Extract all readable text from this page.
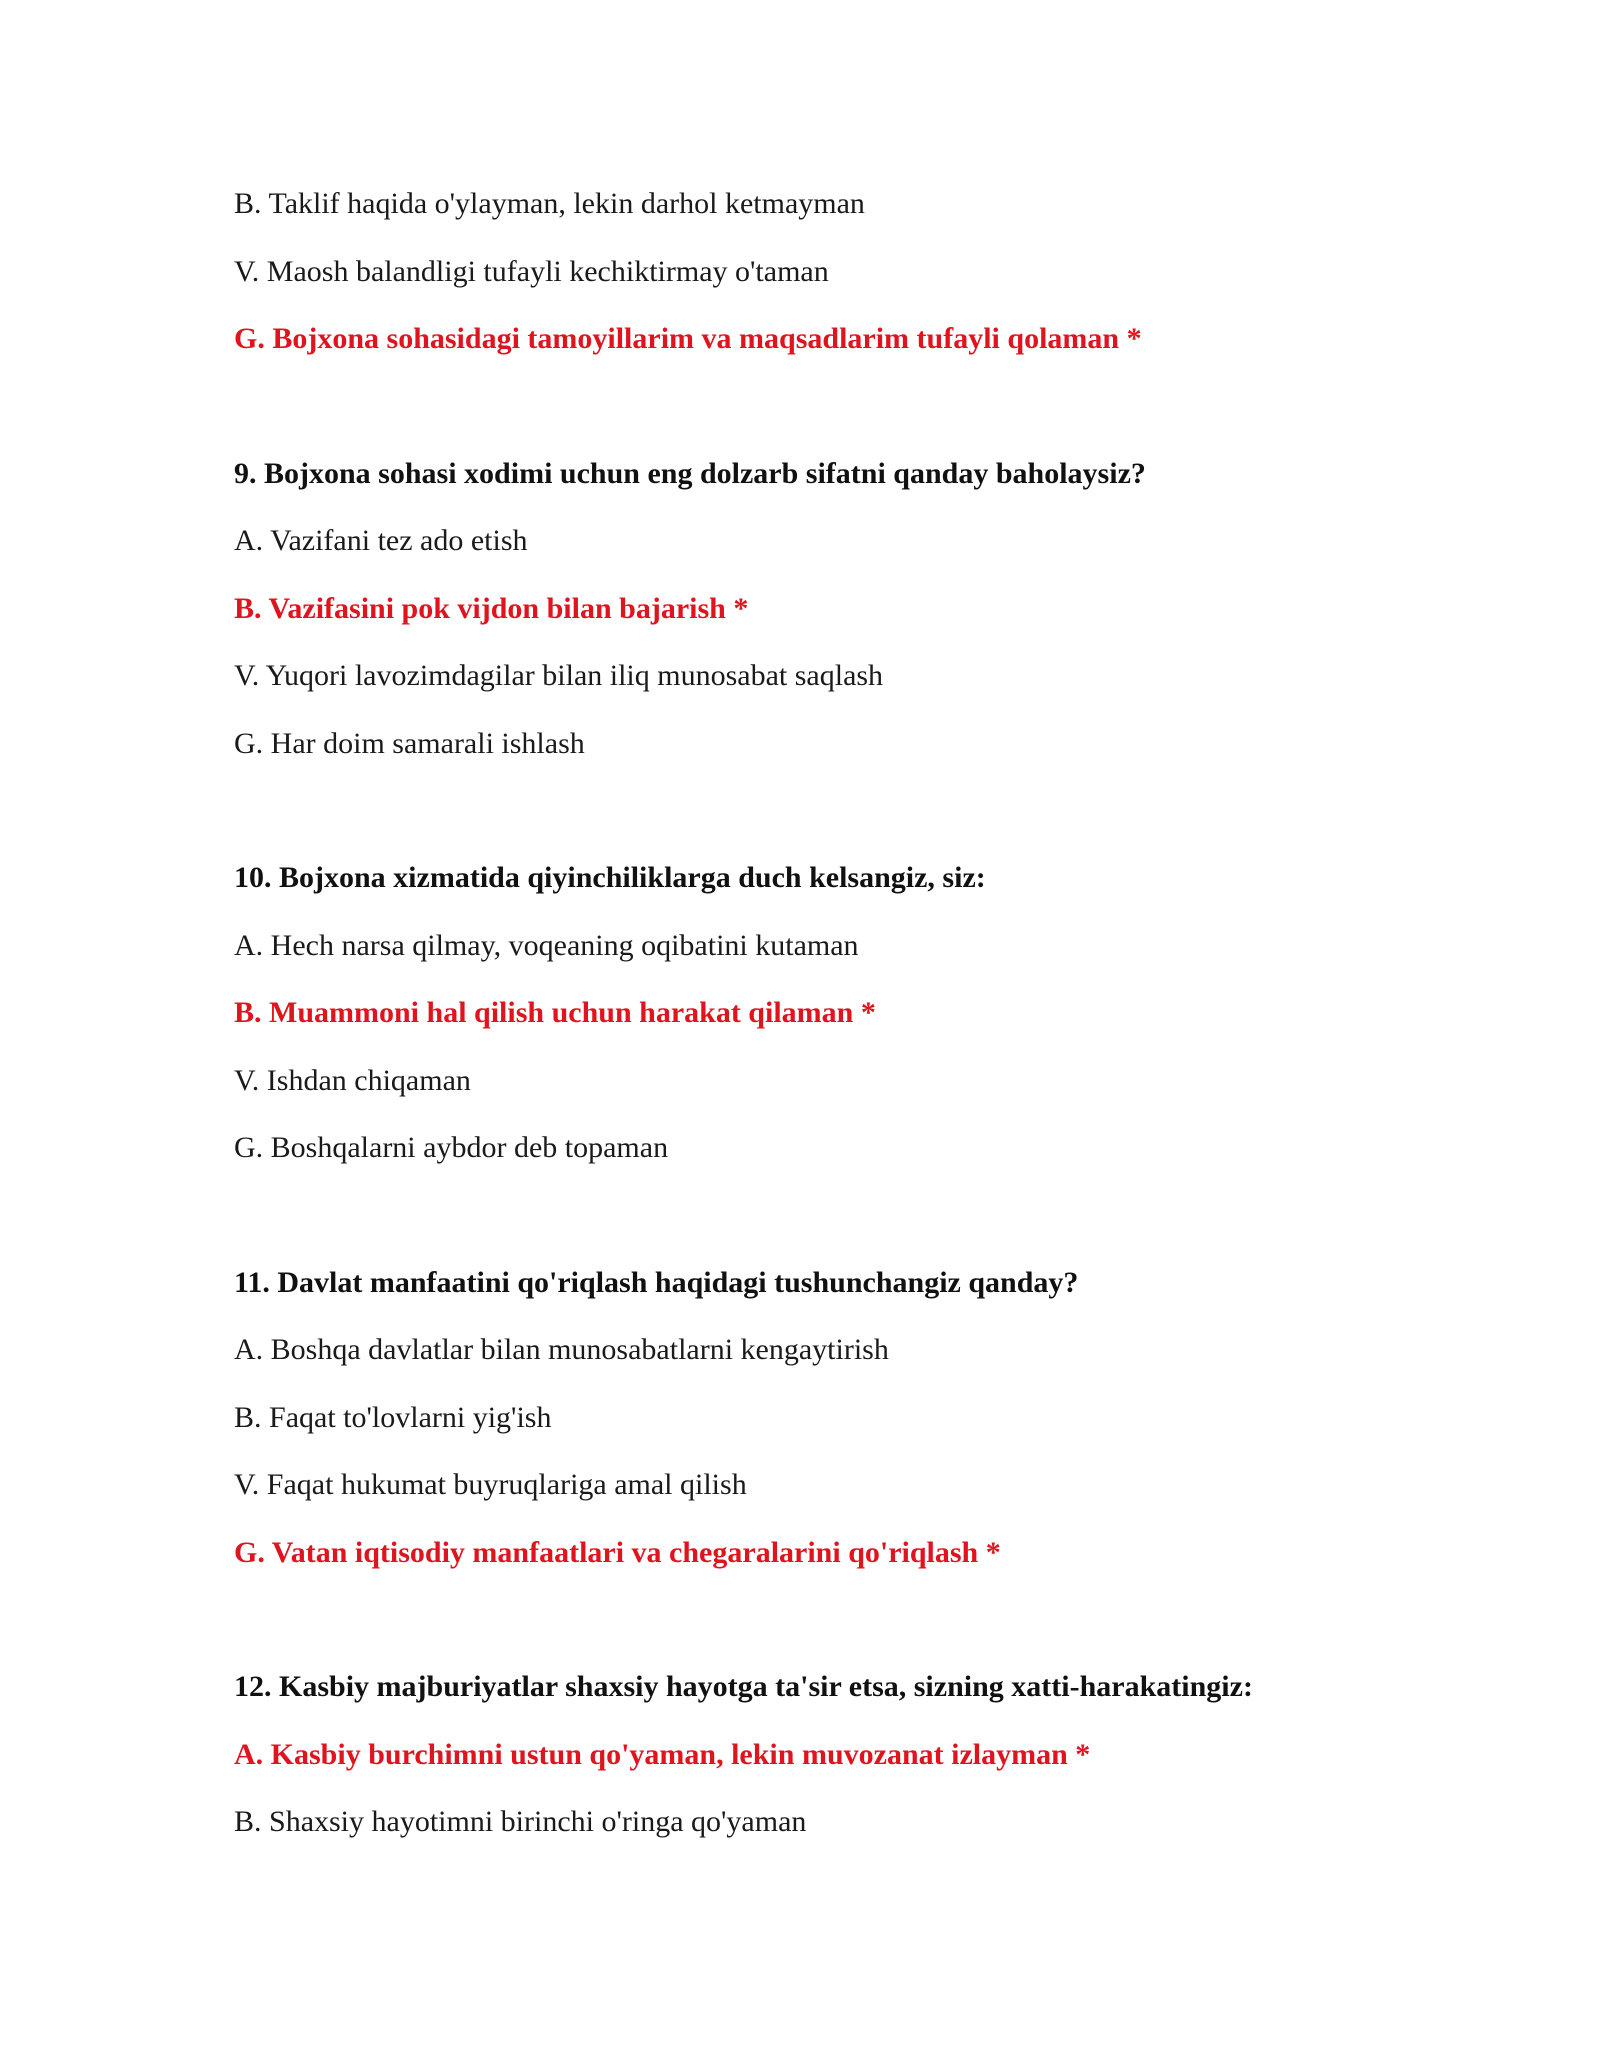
B. Taklif haqida o'ylayman, lekin darhol ketmayman
V. Maosh balandligi tufayli kechiktirmay o'taman
G. Bojxona sohasidagi tamoyillarim va maqsadlarim tufayli qolaman *
9. Bojxona sohasi xodimi uchun eng dolzarb sifatni qanday baholaysiz?
A. Vazifani tez ado etish
B. Vazifasini pok vijdon bilan bajarish *
V. Yuqori lavozimdagilar bilan iliq munosabat saqlash
G. Har doim samarali ishlash
10. Bojxona xizmatida qiyinchiliklarga duch kelsangiz, siz:
A. Hech narsa qilmay, voqeaning oqibatini kutaman
B. Muammoni hal qilish uchun harakat qilaman *
V. Ishdan chiqaman
G. Boshqalarni aybdor deb topaman
11. Davlat manfaatini qo'riqlash haqidagi tushunchangiz qanday?
A. Boshqa davlatlar bilan munosabatlarni kengaytirish
B. Faqat to'lovlarni yig'ish
V. Faqat hukumat buyruqlariga amal qilish
G. Vatan iqtisodiy manfaatlari va chegaralarini qo'riqlash *
12. Kasbiy majburiyatlar shaxsiy hayotga ta'sir etsa, sizning xatti-harakatingiz:
A. Kasbiy burchimni ustun qo'yaman, lekin muvozanat izlayman *
B. Shaxsiy hayotimni birinchi o'ringa qo'yaman
